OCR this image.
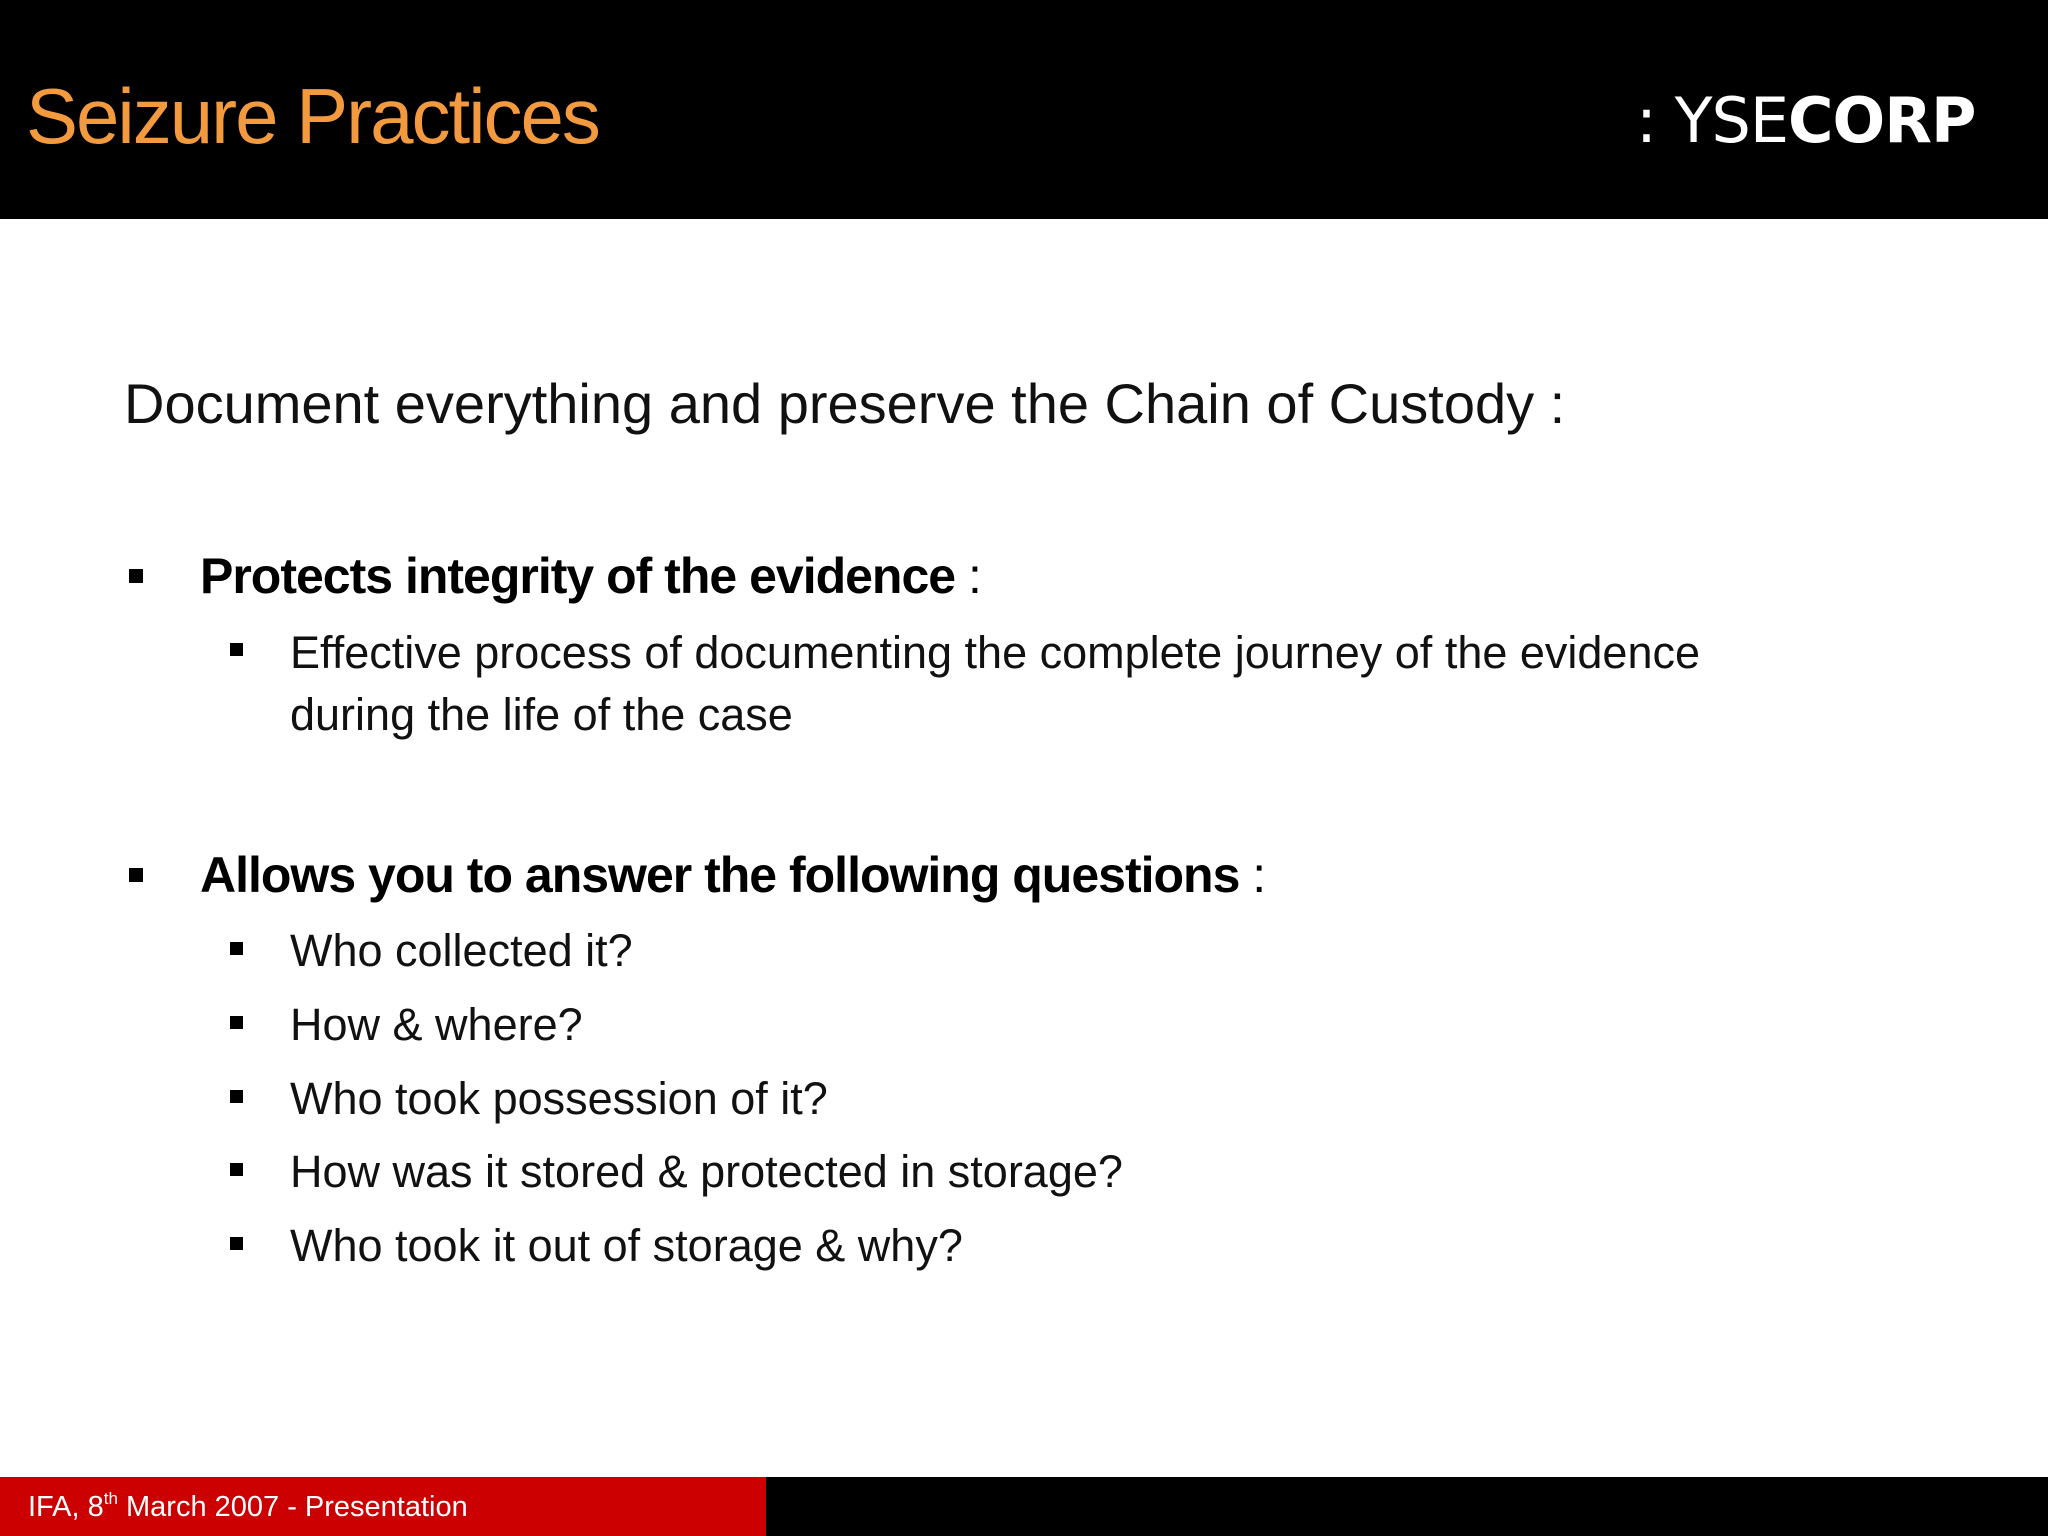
Seizure Practices	: YSECORP
Document everything and preserve the Chain of Custody :
Protects integrity of the evidence :
Effective process of documenting the complete journey of the evidence
during the life of the case
Allows you to answer the following questions :
Who collected it?
How & where?
Who took possession of it?
How was it stored & protected in storage?
Who took it out of storage & why?
IFA, 8th March 2007 - Presentation
